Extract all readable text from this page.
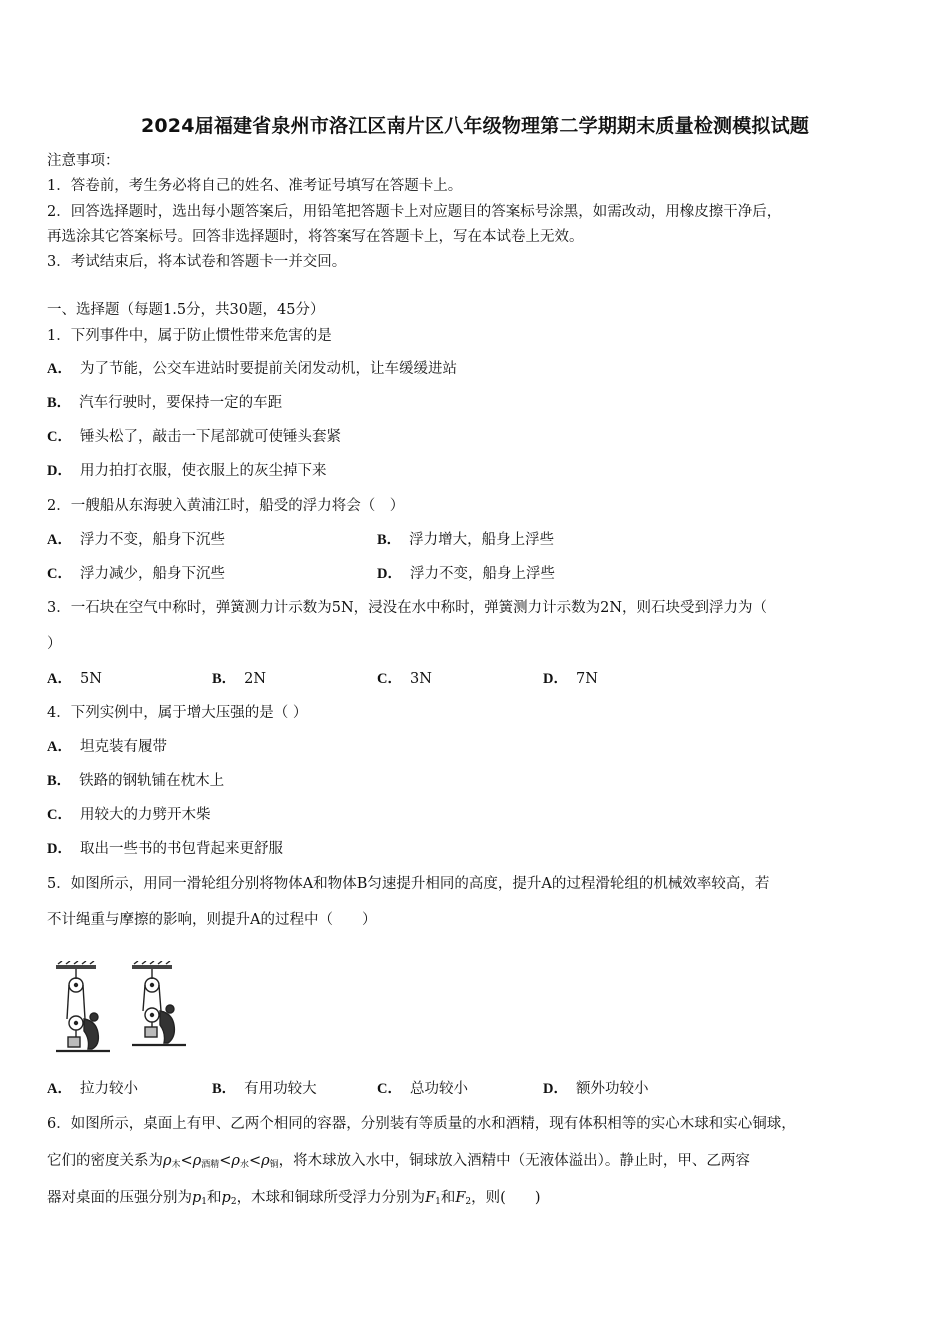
2024届福建省泉州市洛江区南片区八年级物理第二学期期末质量检测模拟试题
注意事项：
1．答卷前，考生务必将自己的姓名、准考证号填写在答题卡上。
2．回答选择题时，选出每小题答案后，用铅笔把答题卡上对应题目的答案标号涂黑，如需改动，用橡皮擦干净后，
再选涂其它答案标号。回答非选择题时，将答案写在答题卡上，写在本试卷上无效。
3．考试结束后，将本试卷和答题卡一并交回。
一、选择题（每题1.5分，共30题，45分）
1．下列事件中，属于防止惯性带来危害的是
A． 为了节能，公交车进站时要提前关闭发动机，让车缓缓进站
B． 汽车行驶时，要保持一定的车距
C． 锤头松了，敲击一下尾部就可使锤头套紧
D． 用力拍打衣服，使衣服上的灰尘掉下来
2．一艘船从东海驶入黄浦江时，船受的浮力将会（　）
A． 浮力不变，船身下沉些	B． 浮力增大，船身上浮些
C． 浮力减少，船身下沉些	D． 浮力不变，船身上浮些
3．一石块在空气中称时，弹簧测力计示数为5N，浸没在水中称时，弹簧测力计示数为2N，则石块受到浮力为（
）
A． 5N	B． 2N	C． 3N	D． 7N
4．下列实例中，属于增大压强的是（ ）
A． 坦克装有履带
B． 铁路的钢轨铺在枕木上
C． 用较大的力劈开木柴
D． 取出一些书的书包背起来更舒服
5．如图所示，用同一滑轮组分别将物体A和物体B匀速提升相同的高度，提升A的过程滑轮组的机械效率较高，若
不计绳重与摩擦的影响，则提升A的过程中（　　）
A． 拉力较小	B． 有用功较大	C． 总功较小	D． 额外功较小
6．如图所示，桌面上有甲、乙两个相同的容器，分别装有等质量的水和酒精，现有体积相等的实心木球和实心铜球，
它们的密度关系为$\rho_木<\rho_{酒精}<\rho_水<\rho_铜$，将木球放入水中，铜球放入酒精中（无液体溢出）。静止时，甲、乙两容
器对桌面的压强分别为$p_1$和$p_2$，木球和铜球所受浮力分别为$F_1$和$F_2$，则(　　)
